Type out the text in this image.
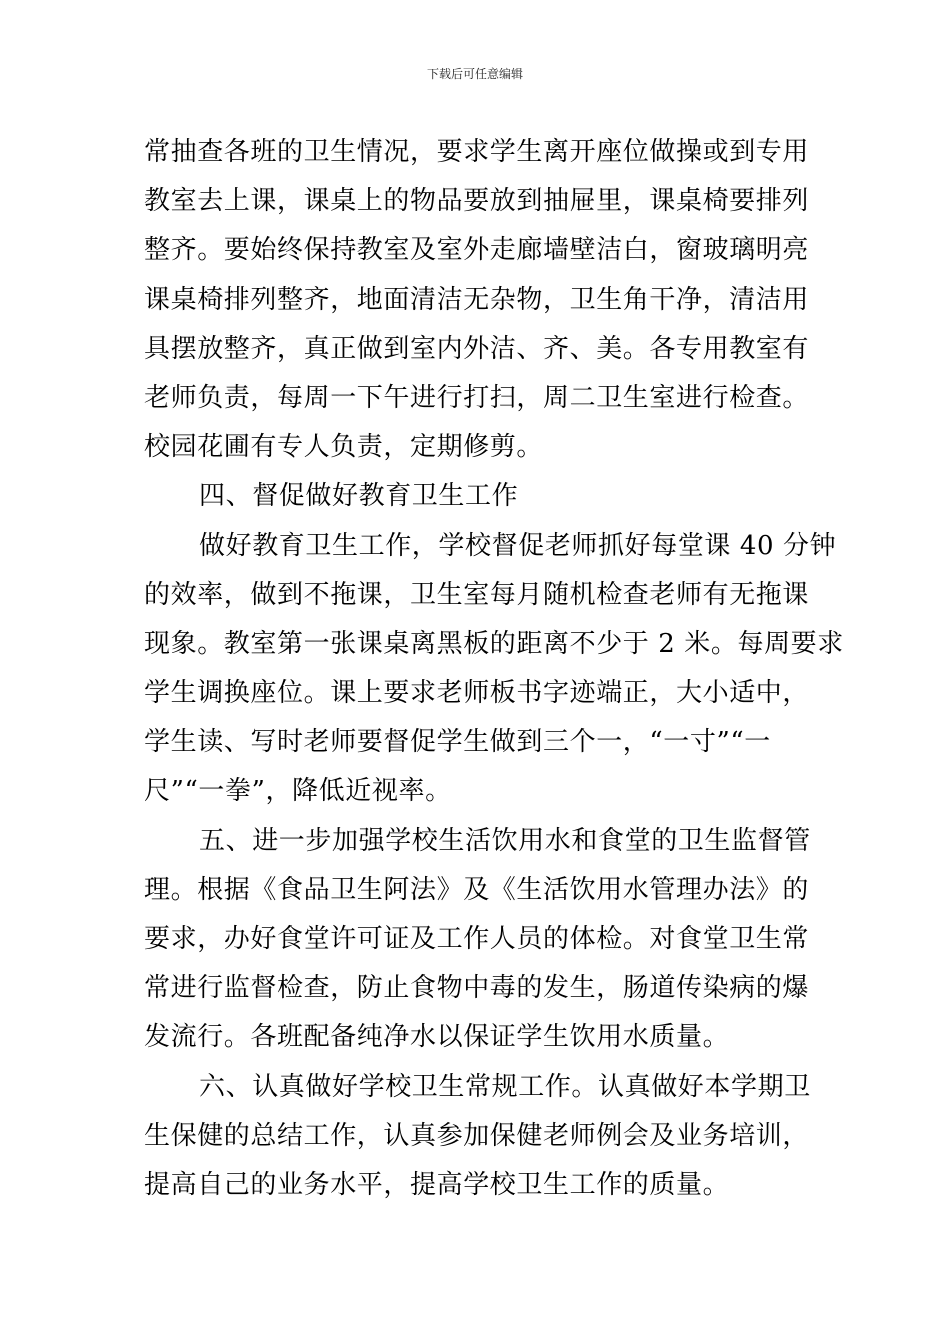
下载后可任意编辑
常抽查各班的卫生情况，要求学生离开座位做操或到专用
教室去上课，课桌上的物品要放到抽屉里，课桌椅要排列
整齐。要始终保持教室及室外走廊墙壁洁白，窗玻璃明亮
课桌椅排列整齐，地面清洁无杂物，卫生角干净，清洁用
具摆放整齐，真正做到室内外洁、齐、美。各专用教室有
老师负责，每周一下午进行打扫，周二卫生室进行检查。
校园花圃有专人负责，定期修剪。
四、督促做好教育卫生工作
做好教育卫生工作，学校督促老师抓好每堂课 40 分钟
的效率，做到不拖课，卫生室每月随机检查老师有无拖课
现象。教室第一张课桌离黑板的距离不少于 2 米。每周要求
学生调换座位。课上要求老师板书字迹端正，大小适中，
学生读、写时老师要督促学生做到三个一，“一寸”“一
尺”“一拳”，降低近视率。
五、进一步加强学校生活饮用水和食堂的卫生监督管
理。根据《食品卫生阿法》及《生活饮用水管理办法》的
要求，办好食堂许可证及工作人员的体检。对食堂卫生常
常进行监督检查，防止食物中毒的发生，肠道传染病的爆
发流行。各班配备纯净水以保证学生饮用水质量。
六、认真做好学校卫生常规工作。认真做好本学期卫
生保健的总结工作，认真参加保健老师例会及业务培训，
提高自己的业务水平，提高学校卫生工作的质量。
